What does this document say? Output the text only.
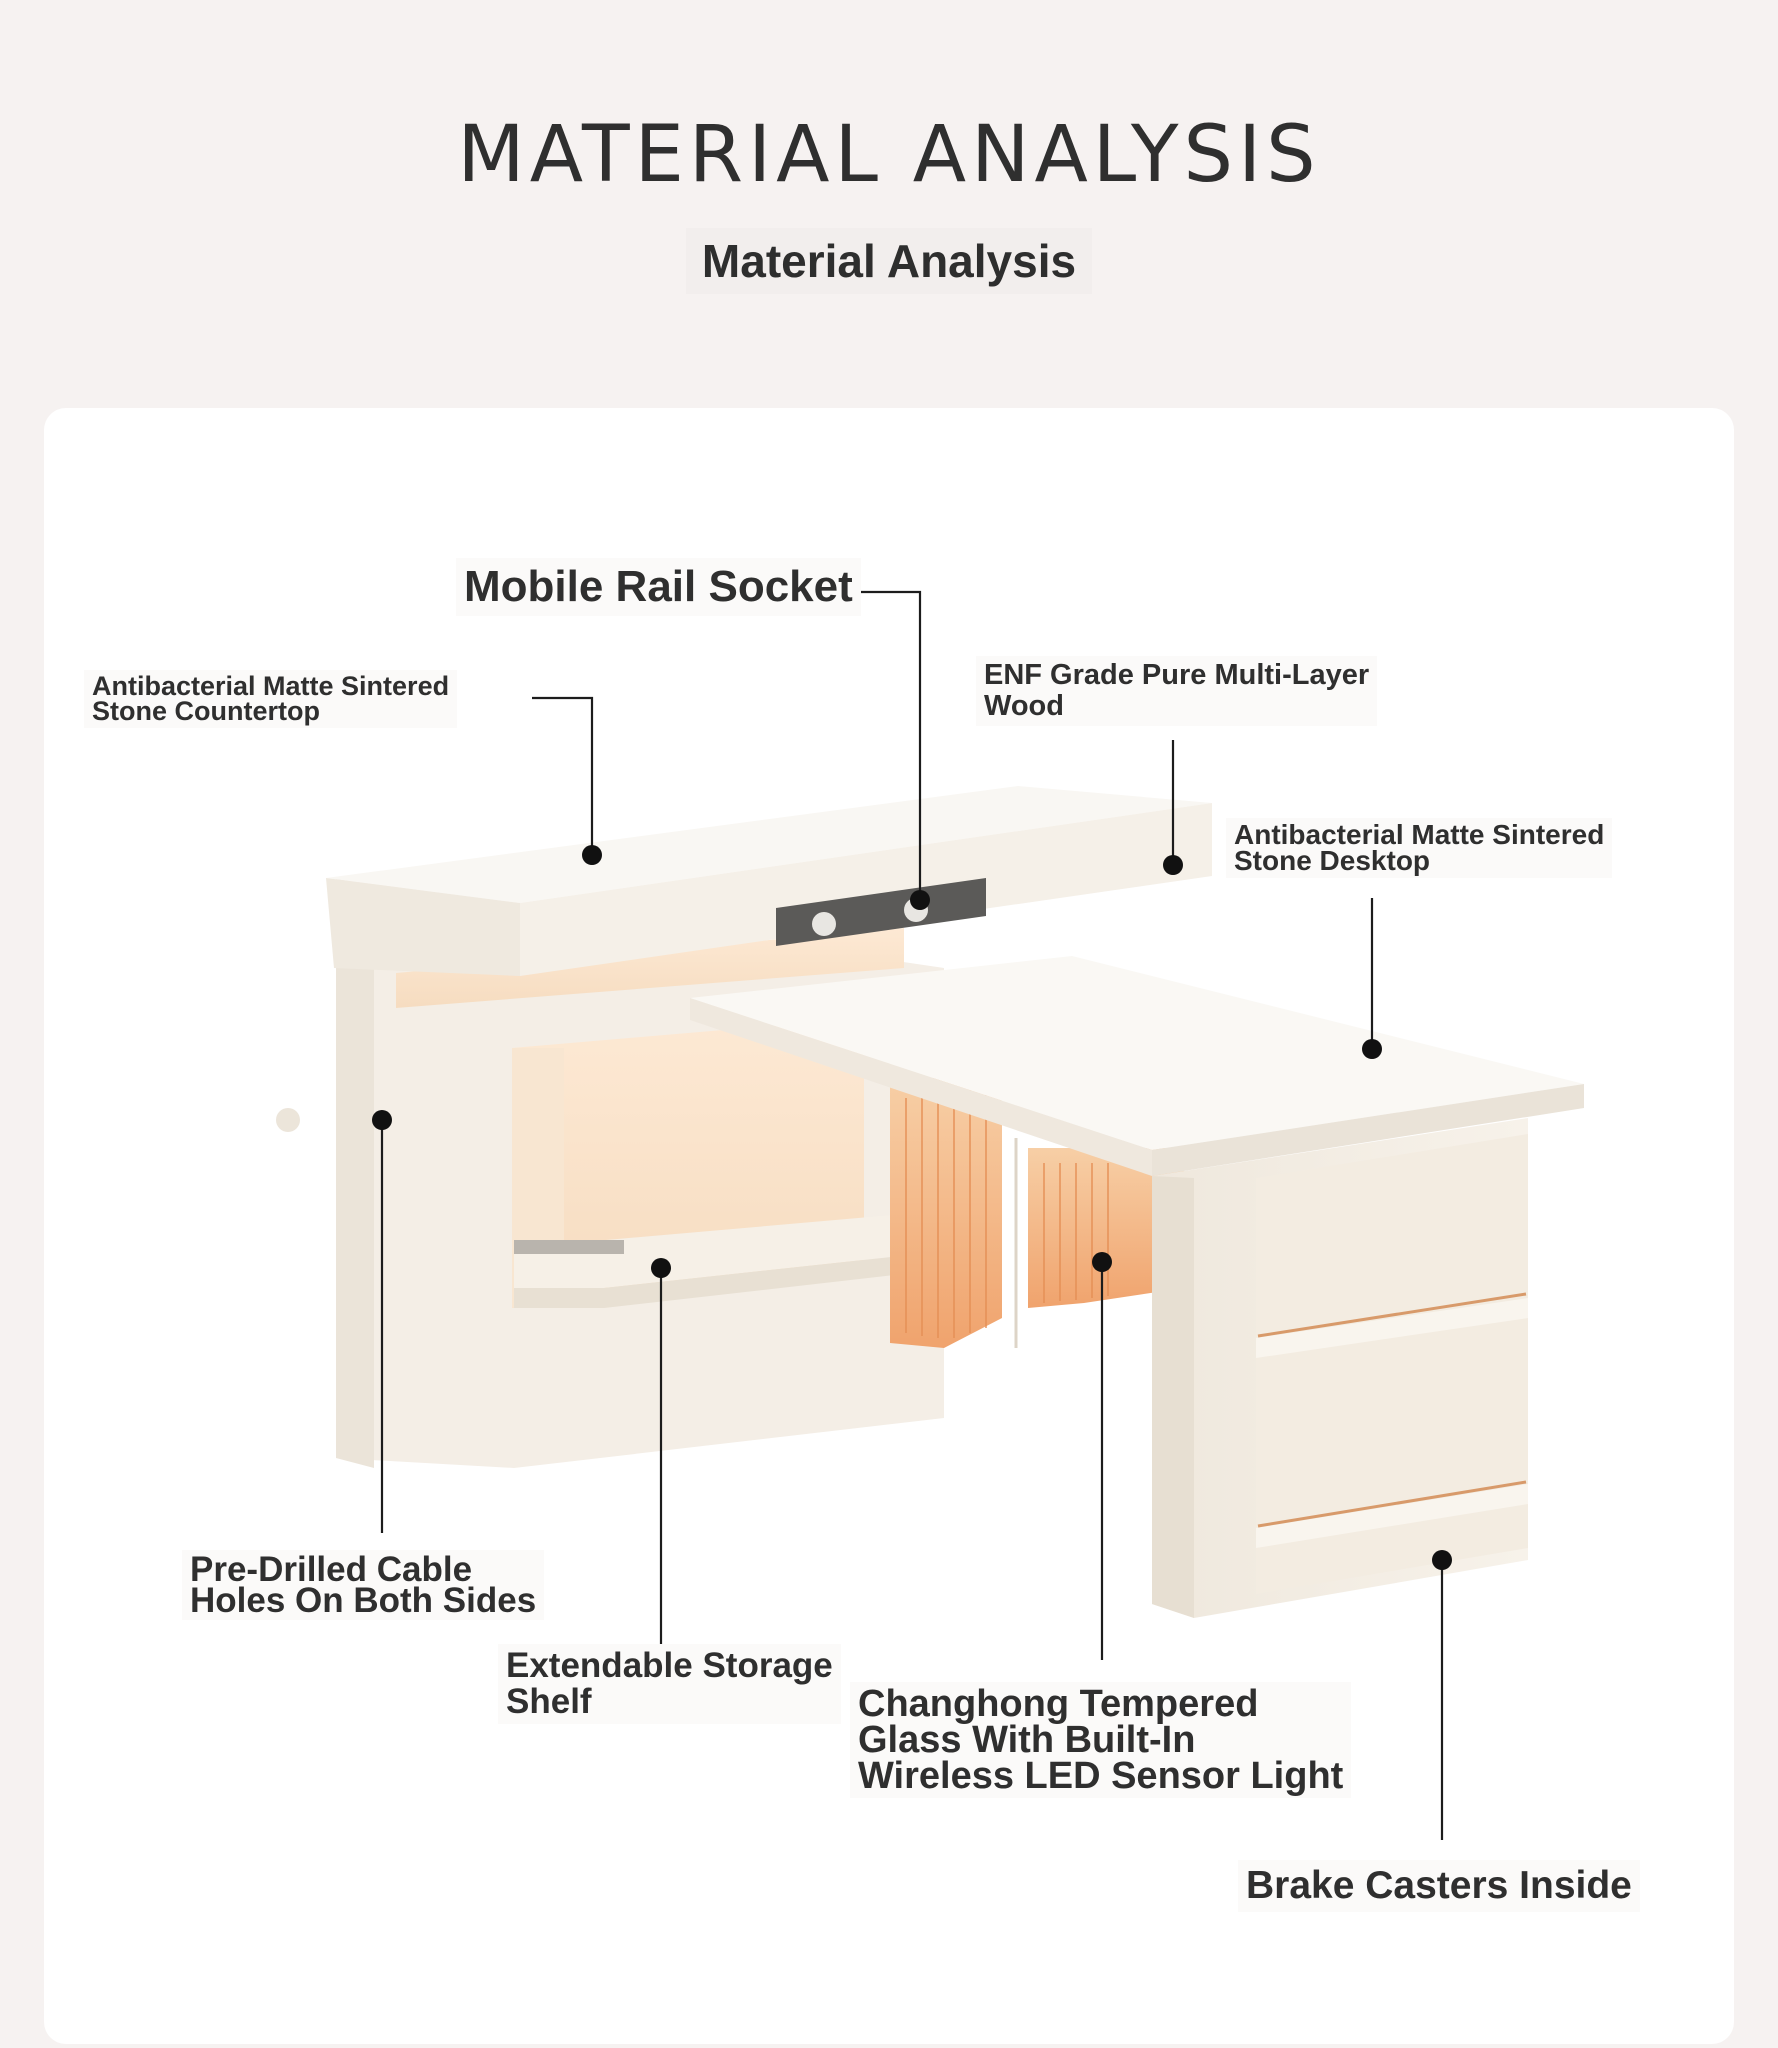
MATERIAL ANALYSIS
Material Analysis
Mobile Rail Socket
Antibacterial Matte Sintered
Stone Countertop
ENF Grade Pure Multi-Layer
Wood
Antibacterial Matte Sintered
Stone Desktop
Pre-Drilled Cable
Holes On Both Sides
Extendable Storage
Shelf	Changhong Tempered
Glass With Built-In
Wireless LED Sensor Light
Brake Casters Inside
